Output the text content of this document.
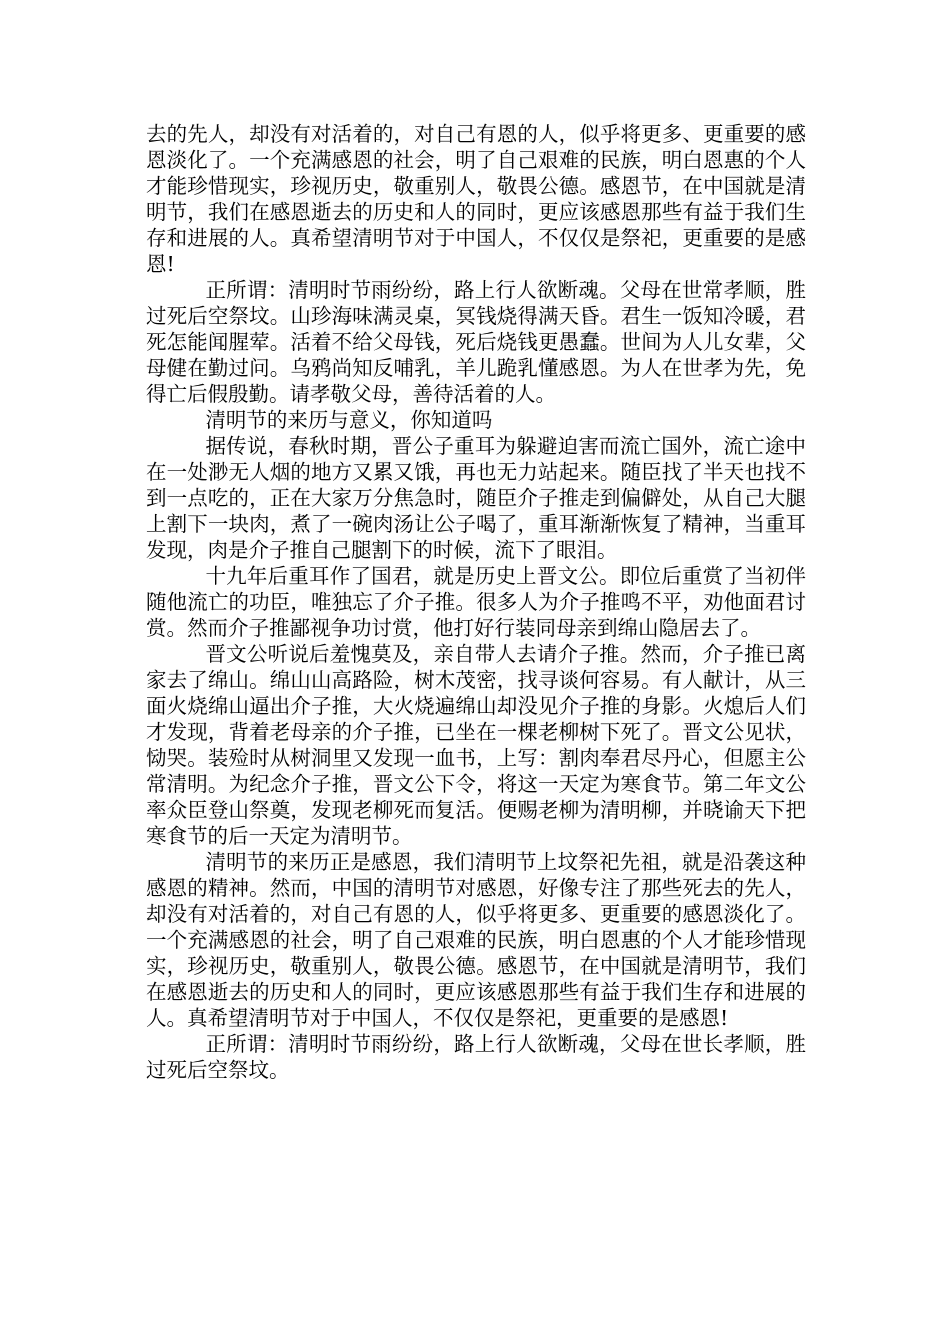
去的先人，却没有对活着的，对自己有恩的人，似乎将更多、更重要的感恩淡化了。一个充满感恩的社会，明了自己艰难的民族，明白恩惠的个人才能珍惜现实，珍视历史，敬重别人，敬畏公德。感恩节，在中国就是清明节，我们在感恩逝去的历史和人的同时，更应该感恩那些有益于我们生存和进展的人。真希望清明节对于中国人，不仅仅是祭祀，更重要的是感恩!

正所谓：清明时节雨纷纷，路上行人欲断魂。父母在世常孝顺，胜过死后空祭坟。山珍海味满灵桌，冥钱烧得满天昏。君生一饭知冷暖，君死怎能闻腥荤。活着不给父母钱，死后烧钱更愚蠢。世间为人儿女辈，父母健在勤过问。乌鸦尚知反哺乳，羊儿跪乳懂感恩。为人在世孝为先，免得亡后假殷勤。请孝敬父母，善待活着的人。

清明节的来历与意义，你知道吗

据传说，春秋时期，晋公子重耳为躲避迫害而流亡国外，流亡途中在一处渺无人烟的地方又累又饿，再也无力站起来。随臣找了半天也找不到一点吃的，正在大家万分焦急时，随臣介子推走到偏僻处，从自己大腿上割下一块肉，煮了一碗肉汤让公子喝了，重耳渐渐恢复了精神，当重耳发现，肉是介子推自己腿割下的时候，流下了眼泪。

十九年后重耳作了国君，就是历史上晋文公。即位后重赏了当初伴随他流亡的功臣，唯独忘了介子推。很多人为介子推鸣不平，劝他面君讨赏。然而介子推鄙视争功讨赏，他打好行装同母亲到绵山隐居去了。

晋文公听说后羞愧莫及，亲自带人去请介子推。然而，介子推已离家去了绵山。绵山山高路险，树木茂密，找寻谈何容易。有人献计，从三面火烧绵山逼出介子推，大火烧遍绵山却没见介子推的身影。火熄后人们才发现，背着老母亲的介子推，已坐在一棵老柳树下死了。晋文公见状，恸哭。装殓时从树洞里又发现一血书，上写：割肉奉君尽丹心，但愿主公常清明。为纪念介子推，晋文公下令，将这一天定为寒食节。第二年文公率众臣登山祭奠，发现老柳死而复活。便赐老柳为清明柳，并晓谕天下把寒食节的后一天定为清明节。

清明节的来历正是感恩，我们清明节上坟祭祀先祖，就是沿袭这种感恩的精神。然而，中国的清明节对感恩，好像专注了那些死去的先人，却没有对活着的，对自己有恩的人，似乎将更多、更重要的感恩淡化了。一个充满感恩的社会，明了自己艰难的民族，明白恩惠的个人才能珍惜现实，珍视历史，敬重别人，敬畏公德。感恩节，在中国就是清明节，我们在感恩逝去的历史和人的同时，更应该感恩那些有益于我们生存和进展的人。真希望清明节对于中国人，不仅仅是祭祀，更重要的是感恩!

正所谓：清明时节雨纷纷，路上行人欲断魂，父母在世长孝顺，胜过死后空祭坟。
